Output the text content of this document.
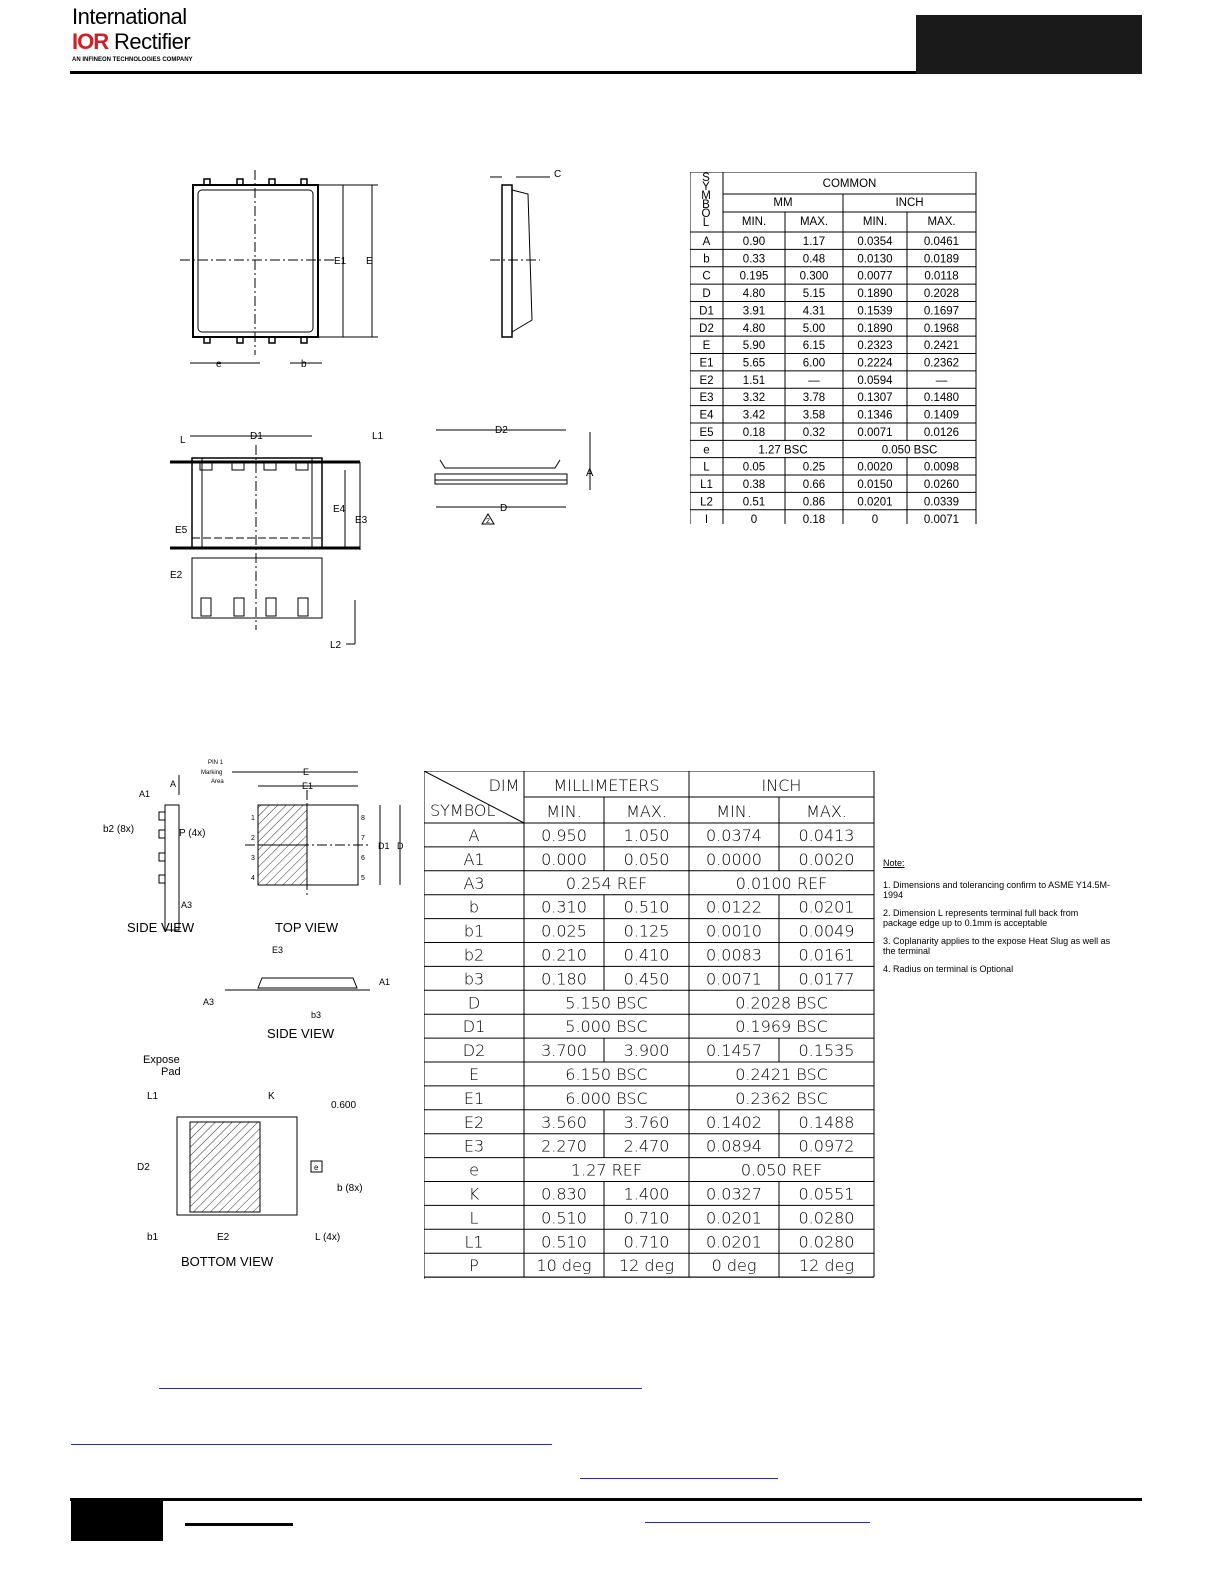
International
IOR Rectifier
AN INFINEON TECHNOLOGIES COMPANY
E1 E
e	b
C
D1
L	L1
E4
E3
E5
E2
L2
D2
D
A
2
S
Y
M
B
O
L
COMMON
MM	INCH
MIN.	MAX.	MIN.	MAX.
A	0.90	1.17	0.0354	0.0461
b	0.33	0.48	0.0130	0.0189
C	0.195	0.300	0.0077	0.0118
D	4.80	5.15	0.1890	0.2028
D1	3.91	4.31	0.1539	0.1697
D2	4.80	5.00	0.1890	0.1968
E	5.90	6.15	0.2323	0.2421
E1	5.65	6.00	0.2224	0.2362
E2	1.51	—	0.0594	—
E3	3.32	3.78	0.1307	0.1480
E4	3.42	3.58	0.1346	0.1409
E5	0.18	0.32	0.0071	0.0126
e	1.27 BSC	0.050 BSC
L	0.05	0.25	0.0020	0.0098
L1	0.38	0.66	0.0150	0.0260
L2	0.51	0.86	0.0201	0.0339
I	0	0.18	0	0.0071
A
A1
b2 (8x)	P (4x)
A3
SIDE VIEW
1
2
3
4	5
6
7
8
E
E1
D1 D
PIN 1
Marking
Area
TOP VIEW
E3
A3
A1
b3
SIDE VIEW
Expose
Pad
L1	K
0.600
D2	e
b (8x)
b1	E2	L (4x)
BOTTOM VIEW
DIM
SYMBOL
MILLIMETERS	INCH
MIN.	MAX.	MIN.	MAX.
A	0.950 1.050 0.0374 0.0413
A1	0.000 0.050 0.0000 0.0020
A3	0.254 REF	0.0100 REF
b	0.310 0.510 0.0122 0.0201
b1	0.025 0.125 0.0010 0.0049
b2	0.210 0.410 0.0083 0.0161
b3	0.180 0.450 0.0071 0.0177
D	5.150 BSC	0.2028 BSC
D1	5.000 BSC	0.1969 BSC
D2	3.700 3.900 0.1457 0.1535
E	6.150 BSC	0.2421 BSC
E1	6.000 BSC	0.2362 BSC
E2	3.560 3.760 0.1402 0.1488
E3	2.270 2.470 0.0894 0.0972
e	1.27 REF	0.050 REF
K	0.830 1.400 0.0327 0.0551
L	0.510 0.710 0.0201 0.0280
L1	0.510 0.710 0.0201 0.0280
P	10 deg 12 deg 0 deg	12 deg
Note:

1. Dimensions and tolerancing confirm to ASME Y14.5M-1994

2. Dimension L represents terminal full back from package edge up to 0.1mm is acceptable

3. Coplanarity applies to the expose Heat Slug as well as the terminal

4. Radius on terminal is Optional
